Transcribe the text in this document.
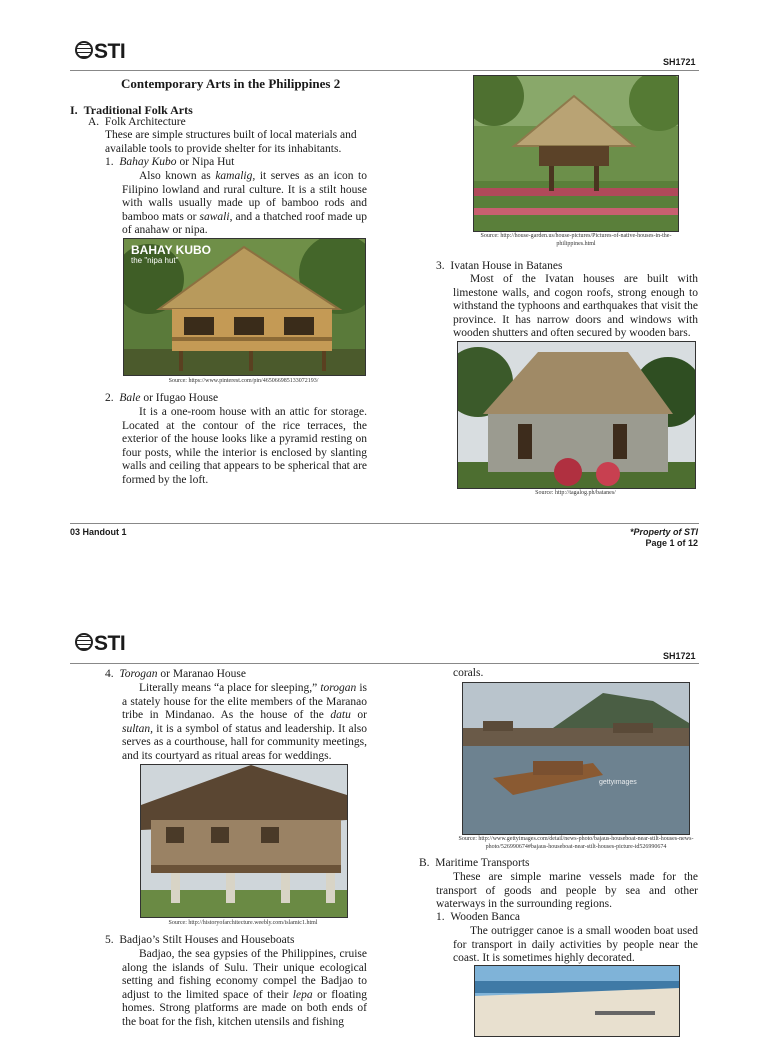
STI	SH1721
Contemporary Arts in the Philippines 2
I.  Traditional Folk Arts
A.  Folk Architecture
These are simple structures built of local materials and available tools to provide shelter for its inhabitants.
1. Bahay Kubo or Nipa Hut
Also known as kamalig, it serves as an icon to Filipino lowland and rural culture. It is a stilt house with walls usually made up of bamboo rods and bamboo mats or sawali, and a thatched roof made up of anahaw or nipa.
BAHAY KUBO
the "nipa hut"
Source: https://www.pinterest.com/pin/465066985133072193/
2. Bale or Ifugao House
It is a one-room house with an attic for storage. Located at the contour of the rice terraces, the exterior of the house looks like a pyramid resting on four posts, while the interior is enclosed by slanting walls and ceiling that appears to be spherical that are formed by the loft.
Source: http://house-garden.us/house-pictures/Pictures-of-native-houses-in-the-philippines.html
3.  Ivatan House in Batanes
Most of the Ivatan houses are built with limestone walls, and cogon roofs, strong enough to withstand the typhoons and earthquakes that visit the province. It has narrow doors and windows with wooden shutters and often secured by wooden bars.
Source: http://tagalog.ph/batanes/
03 Handout 1	*Property of STI
Page 1 of 12
STI
SH1721
4. Torogan or Maranao House
Literally means “a place for sleeping,” torogan is a stately house for the elite members of the Maranao tribe in Mindanao. As the house of the datu or sultan, it is a symbol of status and leadership. It also serves as a courthouse, hall for community meetings, and its courtyard as ritual areas for weddings.
Source: http://historyofarchitecture.weebly.com/islamic1.html
5.  Badjao’s Stilt Houses and Houseboats
Badjao, the sea gypsies of the Philippines, cruise along the islands of Sulu. Their unique ecological setting and fishing economy compel the Badjao to adjust to the limited space of their lepa or floating homes. Strong platforms are made on both ends of the boat for the fish, kitchen utensils and fishing
corals.
gettyimages
Source: http://www.gettyimages.com/detail/news-photo/bajaus-houseboat-near-stilt-houses-news-photo/526990674#bajaus-houseboat-near-stilt-houses-picture-id526990674
B.  Maritime Transports
These are simple marine vessels made for the transport of goods and people by sea and other waterways in the surrounding regions.
1.  Wooden Banca
The outrigger canoe is a small wooden boat used for transport in daily activities by people near the coast. It is sometimes highly decorated.
